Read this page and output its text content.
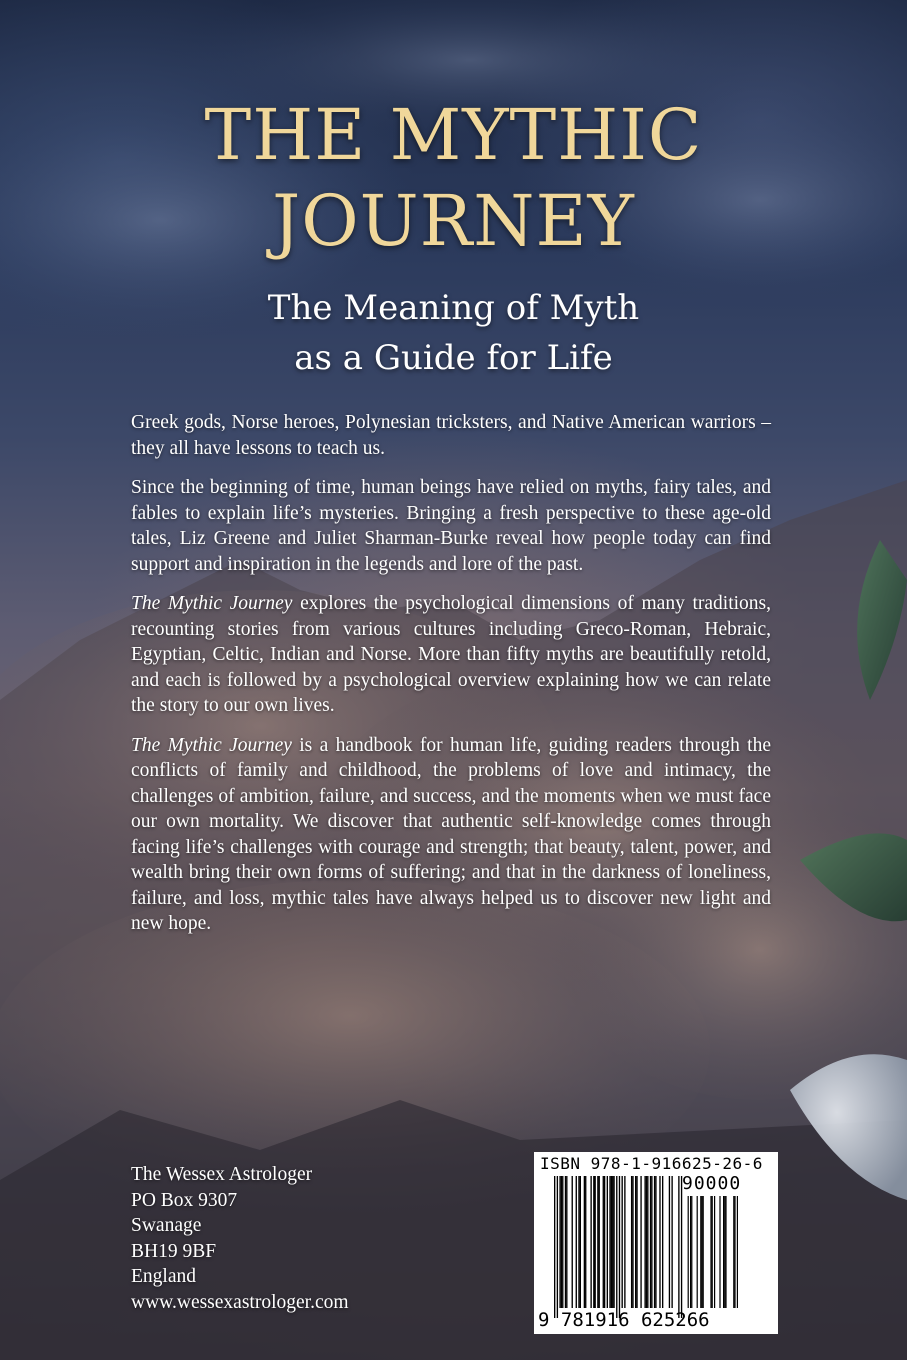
THE MYTHIC
JOURNEY
The Meaning of Myth
as a Guide for Life

Greek gods, Norse heroes, Polynesian tricksters, and Native American warriors – they all have lessons to teach us.

Since the beginning of time, human beings have relied on myths, fairy tales, and fables to explain life’s mysteries. Bringing a fresh perspective to these age-old tales, Liz Greene and Juliet Sharman-Burke reveal how people today can find support and inspiration in the legends and lore of the past.

The Mythic Journey explores the psychological dimensions of many traditions, recounting stories from various cultures including Greco-Roman, Hebraic, Egyptian, Celtic, Indian and Norse. More than fifty myths are beautifully retold, and each is followed by a psychological overview explaining how we can relate the story to our own lives.

The Mythic Journey is a handbook for human life, guiding readers through the conflicts of family and childhood, the problems of love and intimacy, the challenges of ambition, failure, and success, and the moments when we must face our own mortality. We discover that authentic self-knowledge comes through facing life’s challenges with courage and strength; that beauty, talent, power, and wealth bring their own forms of suffering; and that in the darkness of loneliness, failure, and loss, mythic tales have always helped us to discover new light and new hope.

The Wessex Astrologer
PO Box 9307
Swanage
BH19 9BF
England
www.wessexastrologer.com
ISBN 978-1-916625-26-6
90000
9 781916 625266
